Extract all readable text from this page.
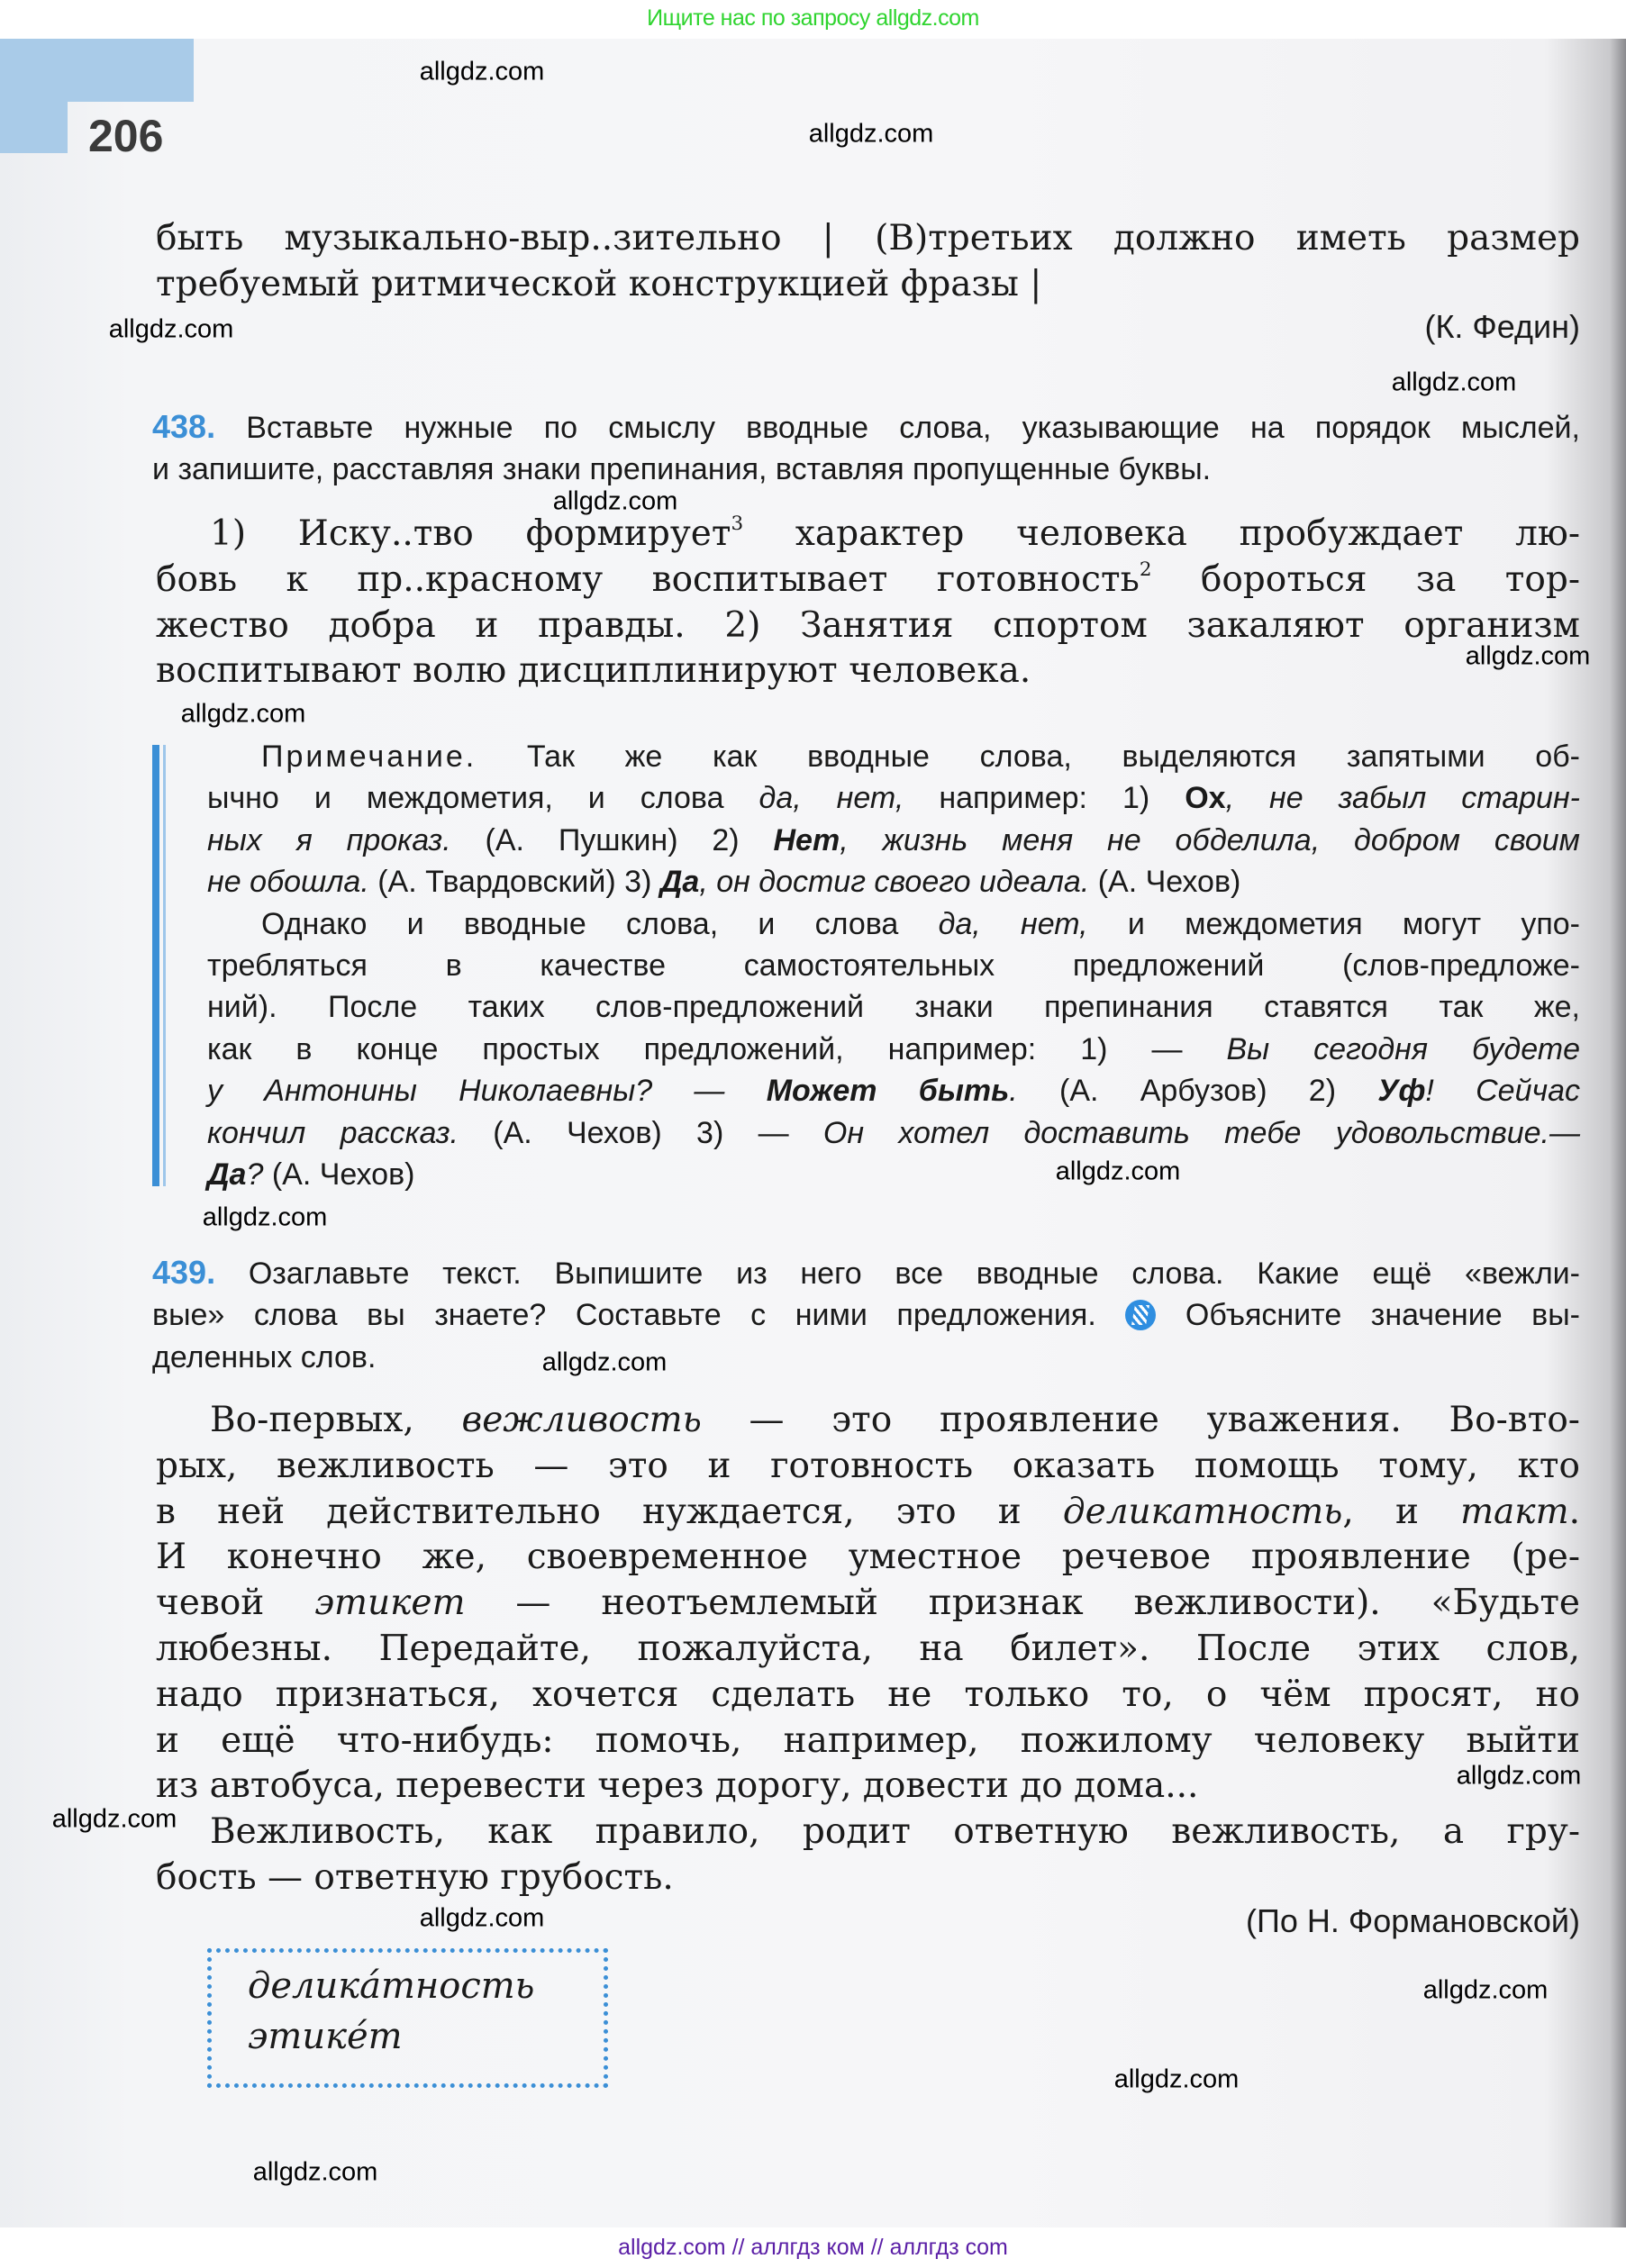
Ищите нас по запросу allgdz.com
206
быть музыкально-выр..зительно | (В)третьих должно иметь размер
требуемый ритмической конструкцией фразы |
(К. Федин)
438. Вставьте нужные по смыслу вводные слова, указывающие на порядок мыслей,
и запишите, расставляя знаки препинания, вставляя пропущенные буквы.
1) Иску..тво формирует$^3$ характер человека пробуждает лю-
бовь к пр..красному воспитывает готовность$^2$ бороться за тор-
жество добра и правды. 2) Занятия спортом закаляют организм
воспитывают волю дисциплинируют человека.
Примечание. Так же как вводные слова, выделяются запятыми об-
ычно и междометия, и слова да, нет, например: 1) Ох, не забыл старин-
ных я проказ. (А. Пушкин) 2) Нет, жизнь меня не обделила, добром своим
не обошла. (А. Твардовский) 3) Да, он достиг своего идеала. (А. Чехов)
Однако и вводные слова, и слова да, нет, и междометия могут упо-
требляться в качестве самостоятельных предложений (слов-предложе-
ний). После таких слов-предложений знаки препинания ставятся так же,
как в конце простых предложений, например: 1) — Вы сегодня будете
у Антонины Николаевны? — Может быть. (А. Арбузов) 2) Уф! Сейчас
кончил рассказ. (А. Чехов) 3) — Он хотел доставить тебе удовольствие.—
Да? (А. Чехов)
439. Озаглавьте текст. Выпишите из него все вводные слова. Какие ещё «вежли-
вые» слова вы знаете? Составьте с ними предложения.  Объясните значение вы-
деленных слов.
Во-первых, вежливость — это проявление уважения. Во-вто-
рых, вежливость — это и готовность оказать помощь тому, кто
в ней действительно нуждается, это и деликатность, и такт.
И конечно же, своевременное уместное речевое проявление (ре-
чевой этикет — неотъемлемый признак вежливости). «Будьте
любезны. Передайте, пожалуйста, на билет». После этих слов,
надо признаться, хочется сделать не только то, о чём просят, но
и ещё что-нибудь: помочь, например, пожилому человеку выйти
из автобуса, перевести через дорогу, довести до дома...
Вежливость, как правило, родит ответную вежливость, а гру-
бость — ответную грубость.
(По Н. Формановской)
делика́тность
этике́т
allgdz.com
allgdz.com
allgdz.com
allgdz.com
allgdz.com
allgdz.com
allgdz.com
allgdz.com
allgdz.com
allgdz.com
allgdz.com
allgdz.com
allgdz.com
allgdz.com
allgdz.com
allgdz.com
allgdz.com // аллгдз ком // аллгдз com
